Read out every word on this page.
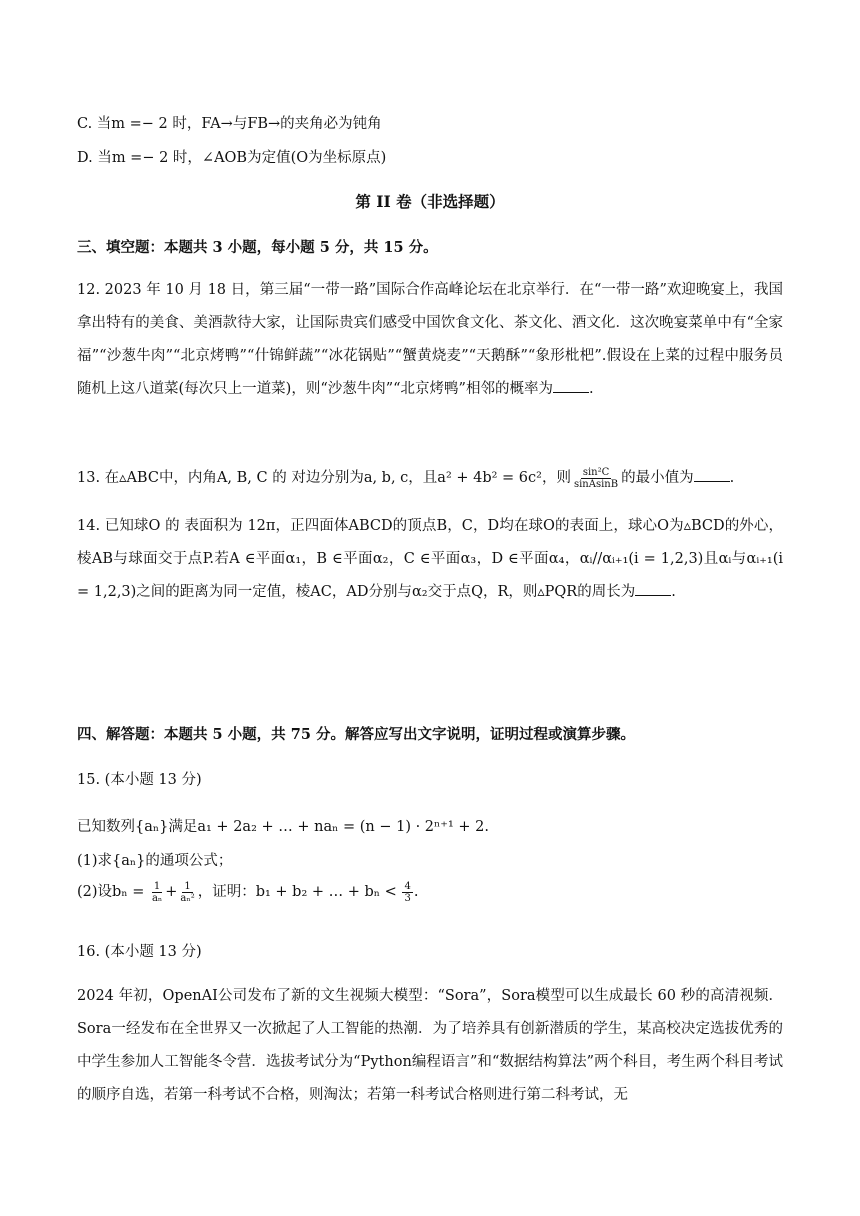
C. 当m =− 2 时，FA→与FB→的夹角必为钝角
D. 当m =− 2 时，∠AOB为定值(O为坐标原点)
第 II 卷（非选择题）
三、填空题：本题共 3 小题，每小题 5 分，共 15 分。
12. 2023 年 10 月 18 日，第三届“一带一路”国际合作高峰论坛在北京举行．在“一带一路”欢迎晚宴上，我国拿出特有的美食、美酒款待大家，让国际贵宾们感受中国饮食文化、茶文化、酒文化．这次晚宴菜单中有“全家福”“沙葱牛肉”“北京烤鸭”“什锦鲜蔬”“冰花锅贴”“蟹黄烧麦”“天鹅酥”“象形枇杷”.假设在上菜的过程中服务员随机上这八道菜(每次只上一道菜)，则“沙葱牛肉”“北京烤鸭”相邻的概率为 .
13. 在▵ABC中，内角A, B, C 的 对边分别为a, b, c，且a² + 4b² = 6c²，则 $\frac{\text{sin²C}}{\text{sinAsinB}}$ 的最小值为 .
14. 已知球O 的 表面积为 12π，正四面体ABCD的顶点B，C，D均在球O的表面上，球心O为▵BCD的外心，棱AB与球面交于点P.若A ∈平面α₁，B ∈平面α₂，C ∈平面α₃，D ∈平面α₄，αᵢ//αᵢ₊₁(i = 1,2,3)且αᵢ与αᵢ₊₁(i = 1,2,3)之间的距离为同一定值，棱AC，AD分别与α₂交于点Q，R，则▵PQR的周长为 .
四、解答题：本题共 5 小题，共 75 分。解答应写出文字说明，证明过程或演算步骤。
15. (本小题 13 分)
已知数列{aₙ}满足a₁ + 2a₂ + … + naₙ = (n − 1) · 2ⁿ⁺¹ + 2.
(1)求{aₙ}的通项公式；
(2)设$b_n = \frac{1}{\text{aₙ}} + \frac{1}{\text{aₙ²}}$ ，证明：b₁ + b₂ + … + $b_n < \frac{4}{3}$ .
16. (本小题 13 分)
2024 年初，OpenAI公司发布了新的文生视频大模型：“Sora”，Sora模型可以生成最长 60 秒的高清视频．Sora一经发布在全世界又一次掀起了人工智能的热潮．为了培养具有创新潜质的学生，某高校决定选拔优秀的中学生参加人工智能冬令营．选拔考试分为“Python编程语言”和“数据结构算法”两个科目，考生两个科目考试的顺序自选，若第一科考试不合格，则淘汰；若第一科考试合格则进行第二科考试，无
